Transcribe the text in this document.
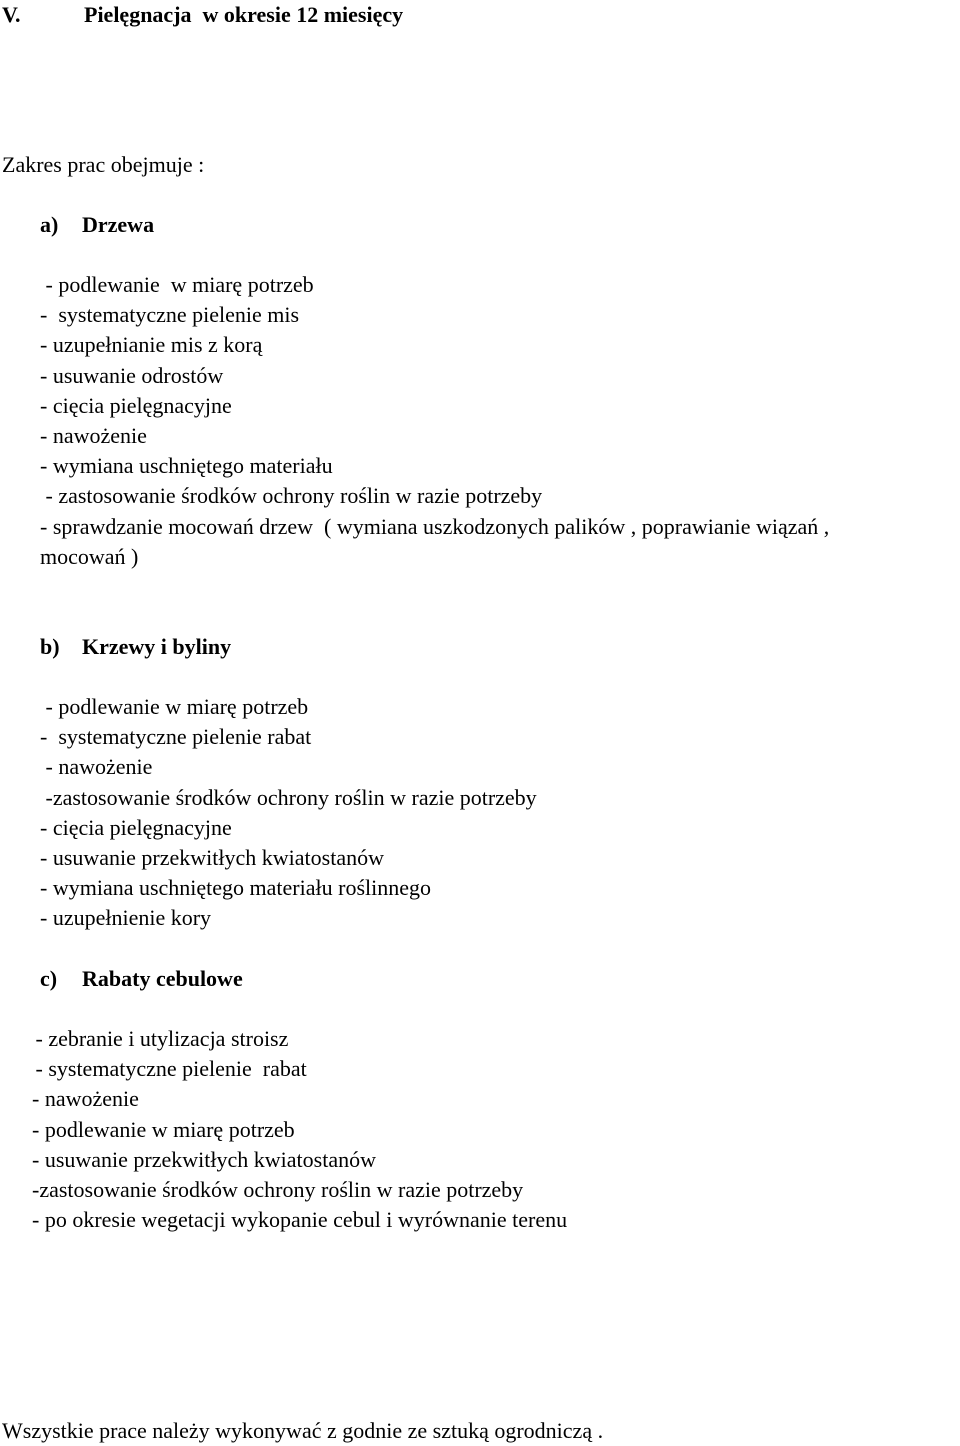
V.	Pielęgnacja  w okresie 12 miesięcy
Zakres prac obejmuje :
a) Drzewa
- podlewanie  w miarę potrzeb
-  systematyczne pielenie mis
- uzupełnianie mis z korą
- usuwanie odrostów
- cięcia pielęgnacyjne
- nawożenie
- wymiana uschniętego materiału
- zastosowanie środków ochrony roślin w razie potrzeby
- sprawdzanie mocowań drzew  ( wymiana uszkodzonych palików , poprawianie wiązań ,
mocowań )
b) Krzewy i byliny
- podlewanie w miarę potrzeb
-  systematyczne pielenie rabat
- nawożenie
-zastosowanie środków ochrony roślin w razie potrzeby
- cięcia pielęgnacyjne
- usuwanie przekwitłych kwiatostanów
- wymiana uschniętego materiału roślinnego
- uzupełnienie kory
c) Rabaty cebulowe
- zebranie i utylizacja stroisz
- systematyczne pielenie  rabat
- nawożenie
- podlewanie w miarę potrzeb
- usuwanie przekwitłych kwiatostanów
-zastosowanie środków ochrony roślin w razie potrzeby
- po okresie wegetacji wykopanie cebul i wyrównanie terenu
Wszystkie prace należy wykonywać z godnie ze sztuką ogrodniczą .
